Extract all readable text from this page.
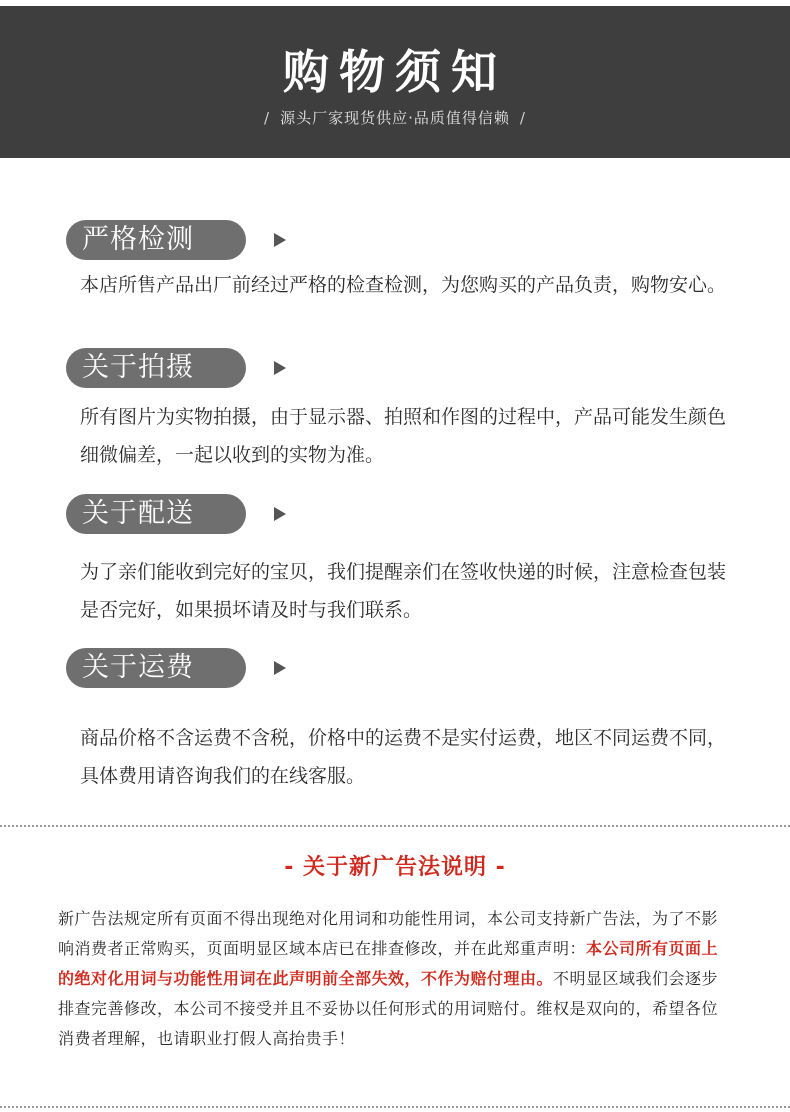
购物须知
/ 源头厂家现货供应·品质值得信赖 /
严格检测
本店所售产品出厂前经过严格的检查检测，为您购买的产品负责，购物安心。
关于拍摄
所有图片为实物拍摄，由于显示器、拍照和作图的过程中，产品可能发生颜色细微偏差，一起以收到的实物为准。
关于配送
为了亲们能收到完好的宝贝，我们提醒亲们在签收快递的时候，注意检查包装是否完好，如果损坏请及时与我们联系。
关于运费
商品价格不含运费不含税，价格中的运费不是实付运费，地区不同运费不同，具体费用请咨询我们的在线客服。
- 关于新广告法说明 -
新广告法规定所有页面不得出现绝对化用词和功能性用词，本公司支持新广告法，为了不影响消费者正常购买，页面明显区域本店已在排查修改，并在此郑重声明：本公司所有页面上的绝对化用词与功能性用词在此声明前全部失效，不作为赔付理由。不明显区域我们会逐步排查完善修改，本公司不接受并且不妥协以任何形式的用词赔付。维权是双向的，希望各位消费者理解，也请职业打假人高抬贵手！
